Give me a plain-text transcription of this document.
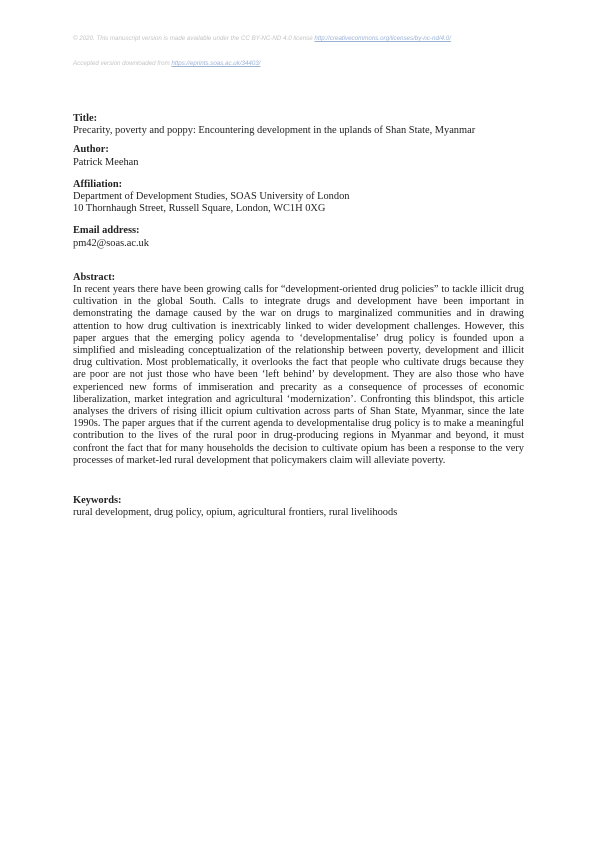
© 2020. This manuscript version is made available under the CC BY-NC-ND 4.0 license http://creativecommons.org/licenses/by-nc-nd/4.0/
Accepted version downloaded from https://eprints.soas.ac.uk/34403/
Title:
Precarity, poverty and poppy: Encountering development in the uplands of Shan State, Myanmar
Author:
Patrick Meehan
Affiliation:
Department of Development Studies, SOAS University of London
10 Thornhaugh Street, Russell Square, London, WC1H 0XG
Email address:
pm42@soas.ac.uk
Abstract:
In recent years there have been growing calls for “development-oriented drug policies” to tackle illicit drug cultivation in the global South. Calls to integrate drugs and development have been important in demonstrating the damage caused by the war on drugs to marginalized communities and in drawing attention to how drug cultivation is inextricably linked to wider development challenges. However, this paper argues that the emerging policy agenda to ‘developmentalise’ drug policy is founded upon a simplified and misleading conceptualization of the relationship between poverty, development and illicit drug cultivation. Most problematically, it overlooks the fact that people who cultivate drugs because they are poor are not just those who have been ‘left behind’ by development. They are also those who have experienced new forms of immiseration and precarity as a consequence of processes of economic liberalization, market integration and agricultural ‘modernization’. Confronting this blindspot, this article analyses the drivers of rising illicit opium cultivation across parts of Shan State, Myanmar, since the late 1990s. The paper argues that if the current agenda to developmentalise drug policy is to make a meaningful contribution to the lives of the rural poor in drug-producing regions in Myanmar and beyond, it must confront the fact that for many households the decision to cultivate opium has been a response to the very processes of market-led rural development that policymakers claim will alleviate poverty.
Keywords:
rural development, drug policy, opium, agricultural frontiers, rural livelihoods
